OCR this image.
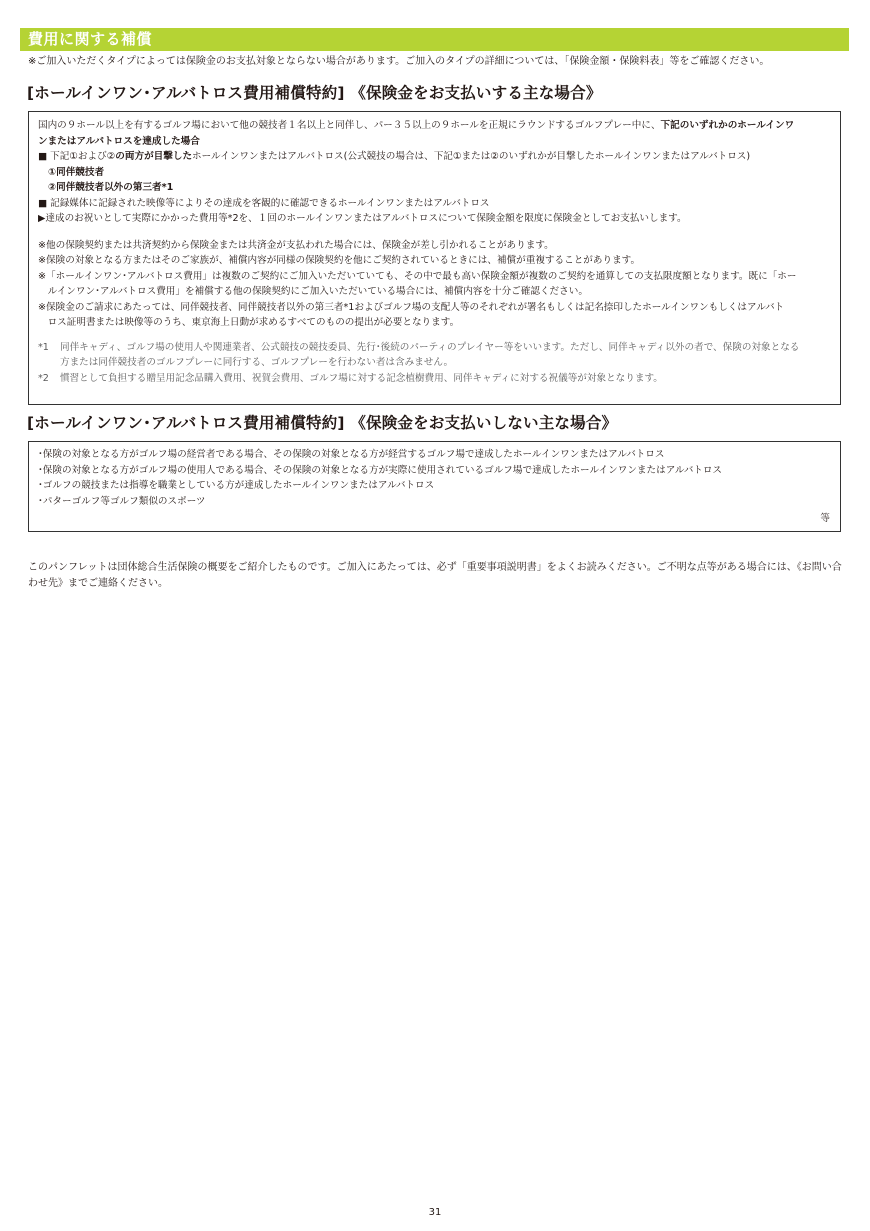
費用に関する補償
※ご加入いただくタイプによっては保険金のお支払対象とならない場合があります。ご加入のタイプの詳細については、「保険金額・保険料表」等をご確認ください。
[ホールインワン･アルバトロス費用補償特約] 《保険金をお支払いする主な場合》
国内の９ホール以上を有するゴルフ場において他の競技者１名以上と同伴し、パー３５以上の９ホールを正規にラウンドするゴルフプレー中に、下記のいずれかのホールインワ
ンまたはアルバトロスを達成した場合
■ 下記①および②の両方が目撃したホールインワンまたはアルバトロス(公式競技の場合は、下記①または②のいずれかが目撃したホールインワンまたはアルバトロス)
①同伴競技者
②同伴競技者以外の第三者*1
■ 記録媒体に記録された映像等によりその達成を客観的に確認できるホールインワンまたはアルバトロス
▶達成のお祝いとして実際にかかった費用等*2を、１回のホールインワンまたはアルバトロスについて保険金額を限度に保険金としてお支払いします。
※他の保険契約または共済契約から保険金または共済金が支払われた場合には、保険金が差し引かれることがあります。
※保険の対象となる方またはそのご家族が、補償内容が同様の保険契約を他にご契約されているときには、補償が重複することがあります。
※「ホールインワン･アルバトロス費用」は複数のご契約にご加入いただいていても、その中で最も高い保険金額が複数のご契約を通算しての支払限度額となります。既に「ホー
　ルインワン･アルバトロス費用」を補償する他の保険契約にご加入いただいている場合には、補償内容を十分ご確認ください。
※保険金のご請求にあたっては、同伴競技者、同伴競技者以外の第三者*1およびゴルフ場の支配人等のそれぞれが署名もしくは記名捺印したホールインワンもしくはアルバト
　ロス証明書または映像等のうち、東京海上日動が求めるすべてのものの提出が必要となります。
*1	同伴キャディ、ゴルフ場の使用人や関連業者、公式競技の競技委員、先行･後続のパーティのプレイヤー等をいいます。ただし、同伴キャディ以外の者で、保険の対象となる
方または同伴競技者のゴルフプレーに同行する、ゴルフプレーを行わない者は含みません。
*2	慣習として負担する贈呈用記念品購入費用、祝賀会費用、ゴルフ場に対する記念植樹費用、同伴キャディに対する祝儀等が対象となります。
[ホールインワン･アルバトロス費用補償特約] 《保険金をお支払いしない主な場合》
･保険の対象となる方がゴルフ場の経営者である場合、その保険の対象となる方が経営するゴルフ場で達成したホールインワンまたはアルバトロス
･保険の対象となる方がゴルフ場の使用人である場合、その保険の対象となる方が実際に使用されているゴルフ場で達成したホールインワンまたはアルバトロス
･ゴルフの競技または指導を職業としている方が達成したホールインワンまたはアルバトロス
･パターゴルフ等ゴルフ類似のスポーツ
等
このパンフレットは団体総合生活保険の概要をご紹介したものです。ご加入にあたっては、必ず「重要事項説明書」をよくお読みください。ご不明な点等がある場合には、《お問い合わせ先》までご連絡ください。
31
